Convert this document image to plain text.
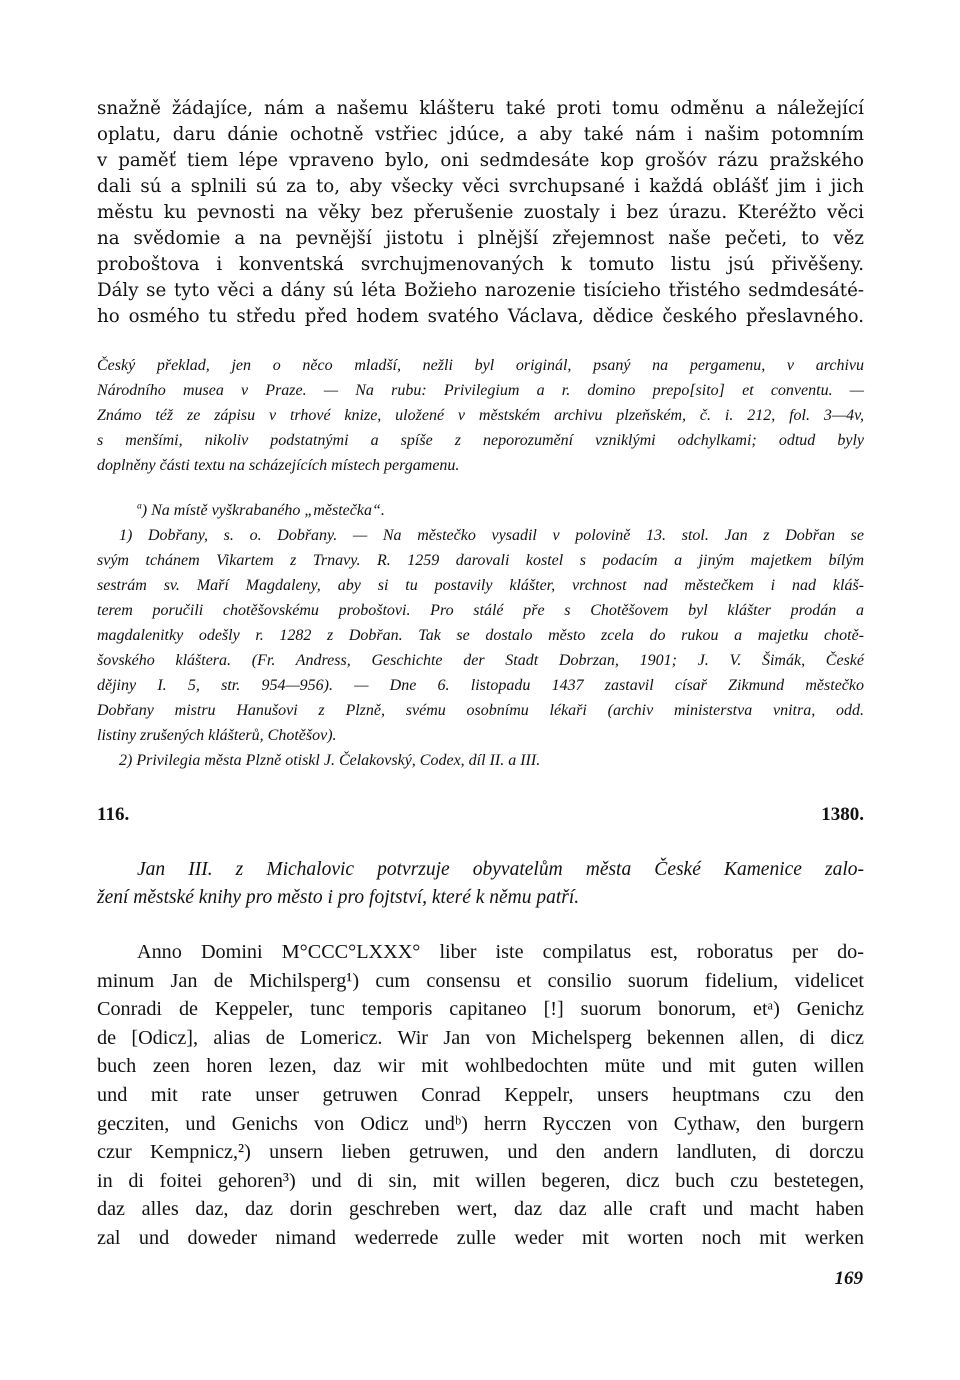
snažně žádajíce, nám a našemu klášteru také proti tomu odměnu a náležející
oplatu, daru dánie ochotně vstřiec jdúce, a aby také nám i našim potomním
v paměť tiem lépe vpraveno bylo, oni sedmdesáte kop grošóv rázu pražského
dali sú a splnili sú za to, aby všecky věci svrchupsané i každá oblášť jim i jich
městu ku pevnosti na věky bez přerušenie zuostaly i bez úrazu. Kteréžto věci
na svědomie a na pevnější jistotu i plnější zřejemnost naše pečeti, to věz
proboštova i konventská svrchujmenovaných k tomuto listu jsú přivěšeny.
Dály se tyto věci a dány sú léta Božieho narozenie tisícieho třistého sedmdesáté-
ho osmého tu středu před hodem svatého Václava, dědice českého přeslavného.

Český překlad, jen o něco mladší, nežli byl originál, psaný na pergamenu, v archivu
Národního musea v Praze. — Na rubu: Privilegium a r. domino prepo[sito] et conventu. —
Známo též ze zápisu v trhové knize, uložené v městském archivu plzeňském, č. i. 212, fol. 3—4v,
s menšími, nikoliv podstatnými a spíše z neporozumění vzniklými odchylkami; odtud byly
doplněny části textu na scházejících místech pergamenu.

$^a$) Na místě vyškrabaného „městečka“.

1) Dobřany, s. o. Dobřany. — Na městečko vysadil v polovině 13. stol. Jan z Dobřan se
svým tchánem Vikartem z Trnavy. R. 1259 darovali kostel s podacím a jiným majetkem bílým
sestrám sv. Maří Magdaleny, aby si tu postavily klášter, vrchnost nad městečkem i nad kláš-
terem poručili chotěšovskému proboštovi. Pro stálé pře s Chotěšovem byl klášter prodán a
magdalenitky odešly r. 1282 z Dobřan. Tak se dostalo město zcela do rukou a majetku chotě-
šovského kláštera. (Fr. Andress, Geschichte der Stadt Dobrzan, 1901; J. V. Šimák, České
dějiny I. 5, str. 954—956). — Dne 6. listopadu 1437 zastavil císař Zikmund městečko
Dobřany mistru Hanušovi z Plzně, svému osobnímu lékaři (archiv ministerstva vnitra, odd.
listiny zrušených klášterů, Chotěšov).

2) Privilegia města Plzně otiskl J. Čelakovský, Codex, díl II. a III.

116.	1380.

Jan III. z Michalovic potvrzuje obyvatelům města České Kamenice zalo-
žení městské knihy pro město i pro fojtství, které k němu patří.

Anno Domini M°CCC°LXXX° liber iste compilatus est, roboratus per do-
minum Jan de Michilsperg¹) cum consensu et consilio suorum fidelium, videlicet
Conradi de Keppeler, tunc temporis capitaneo [!] suorum bonorum, etᵃ) Genichz
de [Odicz], alias de Lomericz. Wir Jan von Michelsperg bekennen allen, di dicz
buch zeen horen lezen, daz wir mit wohlbedochten müte und mit guten willen
und mit rate unser getruwen Conrad Keppelr, unsers heuptmans czu den
gecziten, und Genichs von Odicz undᵇ) herrn Rycczen von Cythaw, den burgern
czur Kempnicz,²) unsern lieben getruwen, und den andern landluten, di dorczu
in di foitei gehoren³) und di sin, mit willen begeren, dicz buch czu bestetegen,
daz alles daz, daz dorin geschreben wert, daz daz alle craft und macht haben
zal und doweder nimand wederrede zulle weder mit worten noch mit werken

169
